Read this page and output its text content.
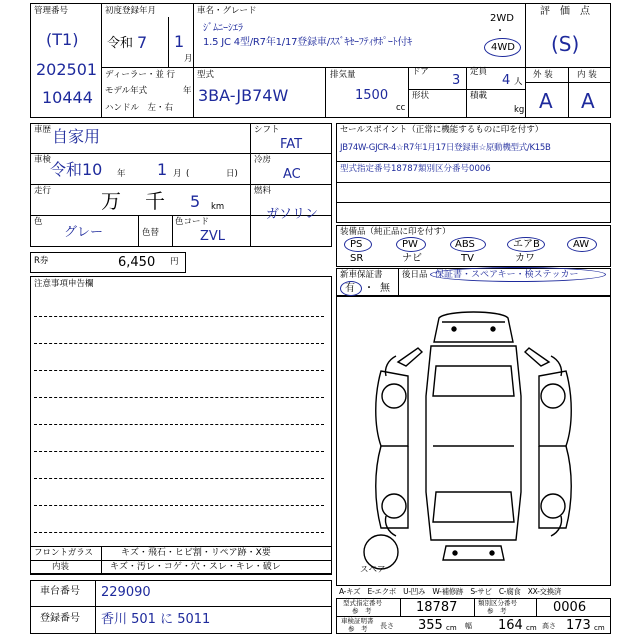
管理番号
(T1)
202501
10444
初度登録年月
令和 7 1
月
車名・グレード
ｼﾞﾑﾆｰｼｴﾗ
1.5 JC 4型/R7年1/17登録車/ｽｽﾞｷｾｰﾌﾃｨｻﾎﾟｰﾄ付ｷ
2WD
・
4WD
評　価　点
(S)
外 装	内 装
A A
ディーラー・並 行
モデル年式	年
ハンドル　左・右
型式
3BA-JB74W
排気量
1500
cc
ドア
3
定員
4 人
形状	積載
kg
車歴 自家用
車検
令和10 年 1 月 (	日)
走行 万 千 5 km
色
グレー	色替
色コード
ZVL
シフト
FAT
冷房
AC
燃料
ガソリン
R券	6,450 円
セールスポイント（正常に機能するものに印を付す）
JB74W-GJCR-4☆R7年1月17日登録車☆原動機型式/K15B
型式指定番号18787類別区分番号0006
装備品（純正品に印を付す）
PS	PW	ABS	エアB	AW
SR	ナビ	TV	カワ
新車保証書
有 ・ 無
後日品 保証書・スペアキー・検ステッカー
注意事項申告欄
スペア
フロントガラス	キズ・飛石・ヒビ割・リペア跡・X要
内装	キズ・汚レ・コゲ・穴・スレ・キレ・破レ
車台番号 229090
登録番号 香川 501 に 5011
A-キズ　E-エクボ　U-凹み　W-補修跡　S-サビ　C-腐食　XX-交換済
型式指定番号
参　考	18787	類別区分番号
参　考	0006
車検証明書
参　考 長さ 355 cm 幅 164 cm 高さ 173 cm
